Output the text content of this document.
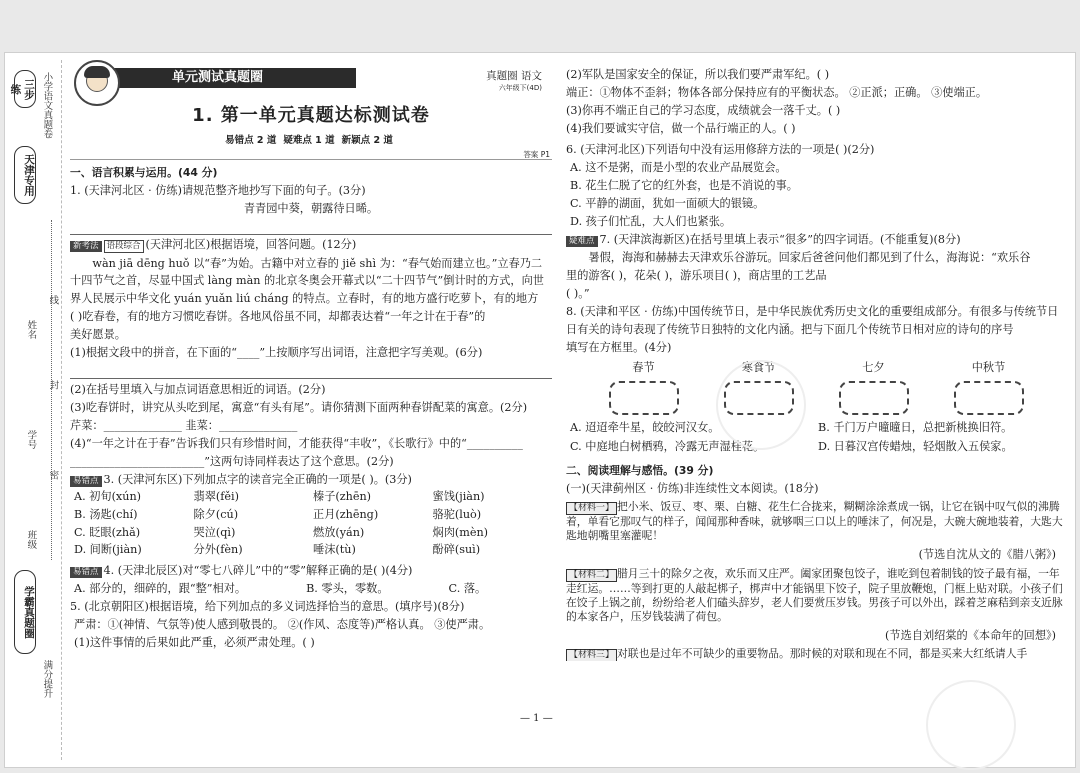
三步练	小学语文真题卷
天津专用
姓名
学号
班级
线
封
密
学霸真题圈
满分提升
单元测试真题圈	真题圈 语文
六年级下(4D)
1. 第一单元真题达标测试卷
易错点 2 道 疑难点 1 道 新颖点 2 道
答案 P1
一、语言积累与运用。(44 分)

1. (天津河北区 · 仿练)请规范整齐地抄写下面的句子。(3分)

青青园中葵，朝露待日晞。

新考法 语段综合 (天津河北区)根据语境，回答问题。(12分)

wàn jiā dēng huǒ 以“春”为始。古籍中对立春的 jiě shì 为：“春气始而建立也。”立春乃二

十四节气之首，尽显中国式 làng màn 的北京冬奥会开幕式以“二十四节气”倒计时的方式，向世

界人民展示中华文化 yuán yuǎn liú cháng 的特点。立春时，有的地方盛行吃萝卜，有的地方

( )吃春卷，有的地方习惯吃春饼。各地风俗虽不同，却都表达着“一年之计在于春”的

美好愿景。

(1)根据文段中的拼音，在下面的“____”上按顺序写出词语，注意把字写美观。(6分)

(2)在括号里填入与加点词语意思相近的词语。(2分)

(3)吃春饼时，讲究从头吃到尾，寓意“有头有尾”。请你猜测下面两种春饼配菜的寓意。(2分)

芹菜：______________ 韭菜：______________

(4)“一年之计在于春”告诉我们只有珍惜时间，才能获得“丰收”，《长歌行》中的“__________

________________________”这两句诗同样表达了这个意思。(2分)

易错点 3. (天津河东区)下列加点字的读音完全正确的一项是( )。(3分)

A. 初旬(xún)	翡翠(fěi)	榛子(zhēn)	蜜饯(jiàn)
B. 汤匙(chí)	除夕(cú)	正月(zhēng)	骆驼(luò)
C. 眨眼(zhǎ)	哭泣(qì)	燃放(yán)	焖肉(mèn)
D. 间断(jiàn)	分外(fèn)	唾沫(tù)	酚碎(suì)

易错点 4. (天津北辰区)对“零七八碎儿”中的“零”解释正确的是( )(4分)

A. 部分的，细碎的，跟“整”相对。	B. 零头，零数。	C. 落。

5. (北京朝阳区)根据语境，给下列加点的多义词选择恰当的意思。(填序号)(8分)

严肃：①(神情、气氛等)使人感到敬畏的。 ②(作风、态度等)严格认真。 ③使严肃。

(1)这件事情的后果如此严重，必须严肃处理。( )

(2)军队是国家安全的保证，所以我们要严肃军纪。( )

端正：①物体不歪斜；物体各部分保持应有的平衡状态。 ②正派；正确。 ③使端正。

(3)你再不端正自己的学习态度，成绩就会一落千丈。( )

(4)我们要诚实守信，做一个品行端正的人。( )

6. (天津河北区)下列语句中没有运用修辞方法的一项是( )(2分)

A. 这不是粥，而是小型的农业产品展览会。

B. 花生仁脱了它的红外套，也是不消说的事。

C. 平静的湖面，犹如一面硕大的银镜。

D. 孩子们忙乱，大人们也紧张。

疑难点 7. (天津滨海新区)在括号里填上表示“很多”的四字词语。(不能重复)(8分)

暑假，海海和赫赫去天津欢乐谷游玩。回家后爸爸问他们都见到了什么，海海说：“欢乐谷

里的游客( )，花朵( )，游乐项目( )，商店里的工艺品

( )。”

8. (天津和平区 · 仿练)中国传统节日，是中华民族优秀历史文化的重要组成部分。有很多与传统节日

日有关的诗句表现了传统节日独特的文化内涵。把与下面几个传统节日相对应的诗句的序号

填写在方框里。(4分)

春节	寒食节	七夕	中秋节
A. 迢迢牵牛星，皎皎河汉女。	B. 千门万户曈曈日，总把新桃换旧符。
C. 中庭地白树栖鸦，冷露无声湿桂花。	D. 日暮汉宫传蜡烛，轻烟散入五侯家。
二、阅读理解与感悟。(39 分)

(一)(天津蓟州区 · 仿练)非连续性文本阅读。(18分)

【材料一】 把小米、饭豆、枣、栗、白糖、花生仁合拢来，糊糊涂涂煮成一锅，让它在锅中叹气似的沸腾着，单看它那叹气的样子，闻闻那种香味，就够咽三口以上的唾沫了，何况是，大碗大碗地装着，大匙大匙地朝嘴里塞灌呢！

(节选自沈从文的《腊八粥》)

【材料二】 腊月三十的除夕之夜，欢乐而又庄严。阖家团聚包饺子，谁吃到包着制钱的饺子最有福，一年走红运。……等到打更的人敲起梆子，梆声中才能锅里下饺子，院子里放鞭炮，门框上贴对联。小孩子们在饺子上锅之前，纷纷给老人们磕头辞岁，老人们要赏压岁钱。男孩子可以外出，踩着芝麻秸到亲支近脉的本家各户，压岁钱装满了荷包。

(节选自刘绍棠的《本命年的回想》)

【材料三】 对联也是过年不可缺少的重要物品。那时候的对联和现在不同，都是买来大红纸请人手

— 1 —
